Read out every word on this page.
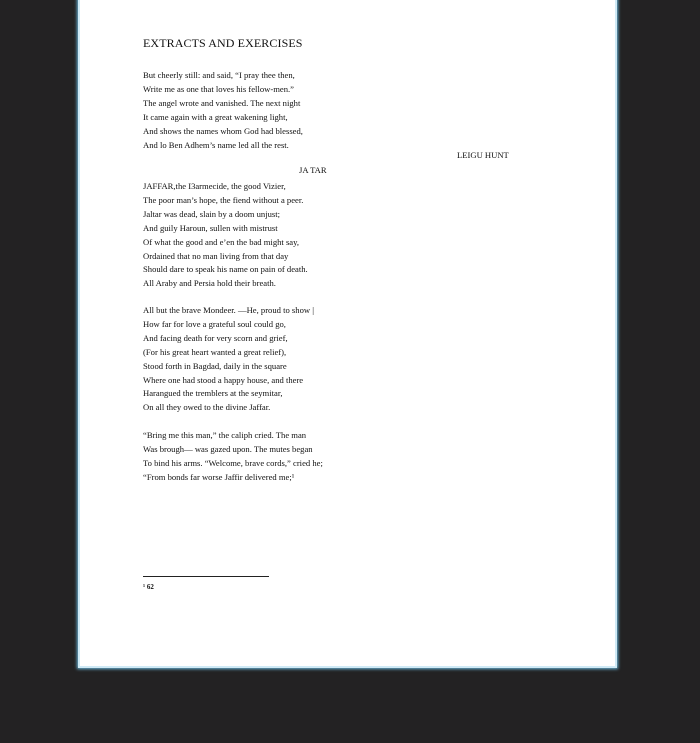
EXTRACTS AND EXERCISES
But cheerly still: and said, “I pray thee then,
Write me as one that loves his fellow-men.”
The angel wrote and vanished. The next night
It came again with a great wakening light,
And shows the names whom God had blessed,
And lo Ben Adhem’s name led all the rest.
LEIGU HUNT
JA TAR
JAFFAR,the I3armecide, the good Vizier,
The poor man’s hope, the fiend without a peer.
Jaltar was dead, slain by a doom unjust;
And guily Haroun, sullen with mistrust
Of what the good and e’en the bad might say,
Ordained that no man living from that day
Should dare to speak his name on pain of death.
All Araby and Persia hold their breath.
All but the brave Mondeer. —He, proud to show |
How far for love a grateful soul could go,
And facing death for very scorn and grief,
(For his great heart wanted a great relief),
Stood forth in Bagdad, daily in the square
Where one had stood a happy house, and there
Harangued the tremblers at the seymitar,
On all they owed to the divine Jaffar.
“Bring me this man,” the caliph cried. The man
Was brough— was gazed upon. The mutes began
To bind his arms. “Welcome, brave cords,” cried he;
“From bonds far worse Jaffir delivered me;¹
¹ 62
